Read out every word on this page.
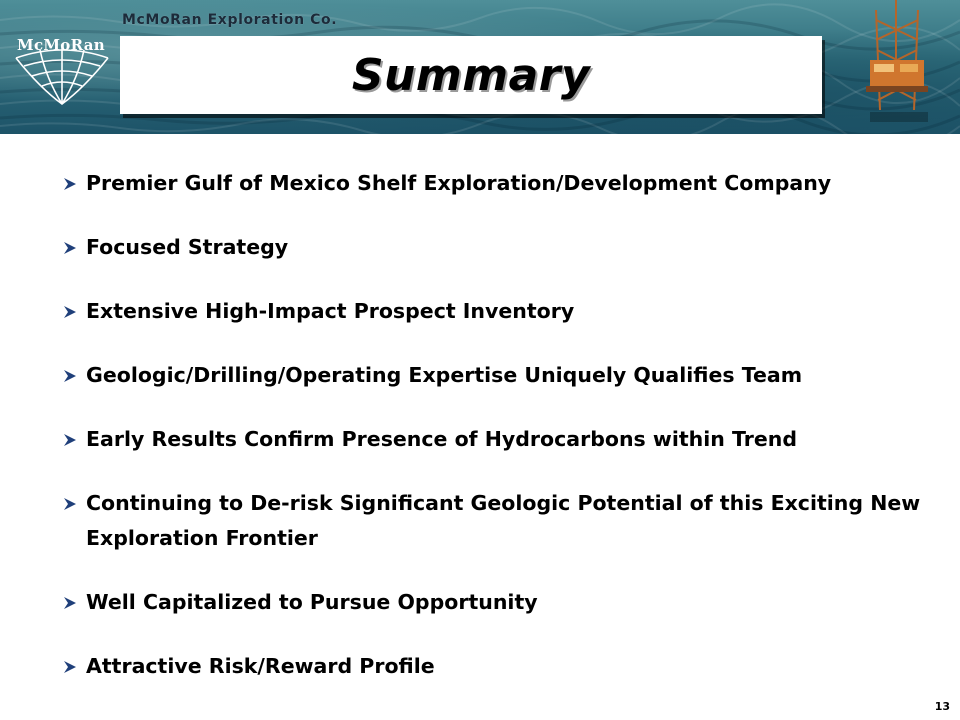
McMoRan Exploration Co.
McMoRan
Summary
Premier Gulf of Mexico Shelf Exploration/Development Company
Focused Strategy
Extensive High-Impact Prospect Inventory
Geologic/Drilling/Operating Expertise Uniquely Qualifies Team
Early Results Confirm Presence of Hydrocarbons within Trend
Continuing to De-risk Significant Geologic Potential of this Exciting New Exploration Frontier
Well Capitalized to Pursue Opportunity
Attractive Risk/Reward Profile
13
